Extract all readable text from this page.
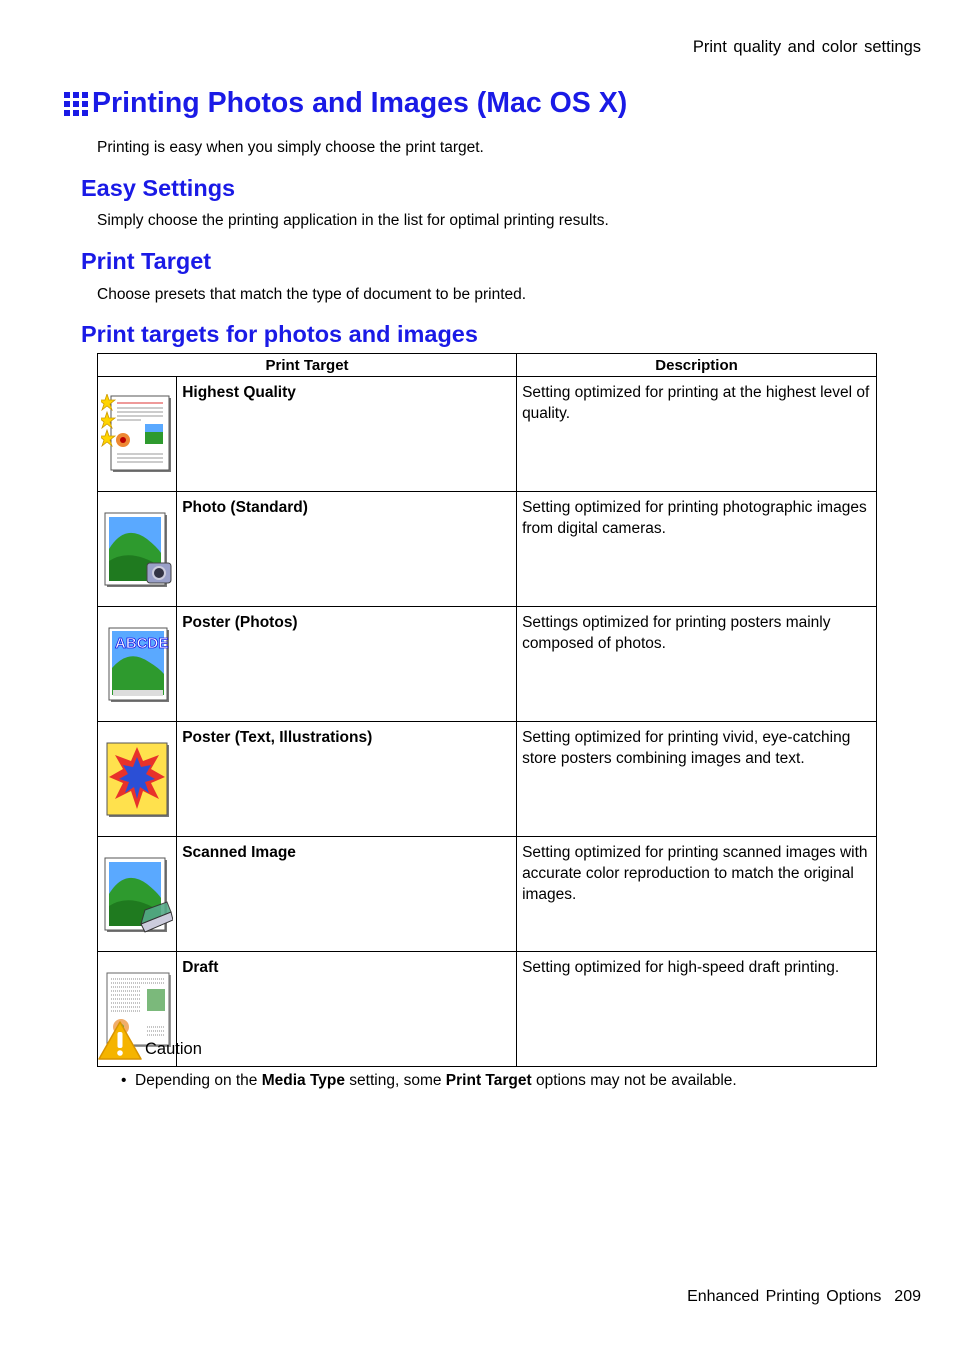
Print quality and color settings
Printing Photos and Images (Mac OS X)

Printing is easy when you simply choose the print target.

Easy Settings

Simply choose the printing application in the list for optimal printing results.

Print Target

Choose presets that match the type of document to be printed.

Print targets for photos and images
Print Target		Description

	Highest Quality	Setting optimized for printing at the highest level of quality.

	Photo (Standard)	Setting optimized for printing photographic images from digital cameras.

ABCDE	Poster (Photos)	Settings optimized for printing posters mainly composed of photos.

	Poster (Text, Illustrations)	Setting optimized for printing vivid, eye-catching store posters combining images and text.

	Scanned Image	Setting optimized for printing scanned images with accurate color reproduction to match the original images.

	Draft	Setting optimized for high-speed draft printing.
Caution
•  Depending on the Media Type setting, some Print Target options may not be available.
Enhanced Printing Options 209
